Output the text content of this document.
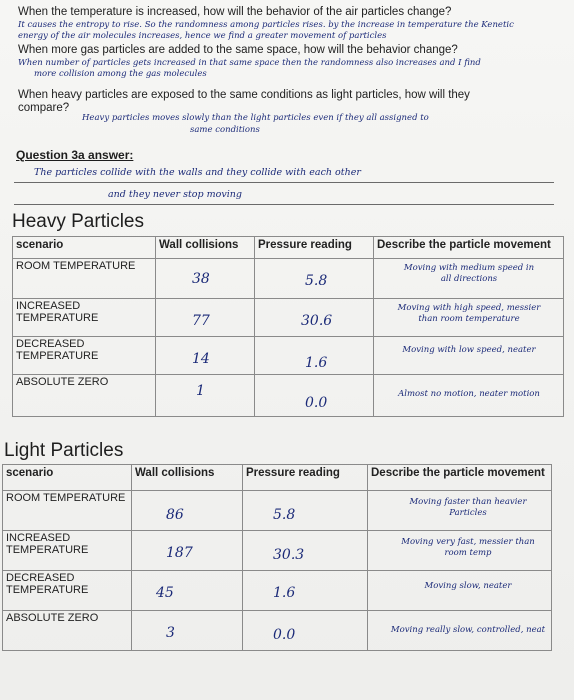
When the temperature is increased, how will the behavior of the air particles change?
It causes the entropy to rise. So the randomness among particles rises. by the increase in temperature the Kenetic
energy of the air molecules increases, hence we find a greater movement of particles
When more gas particles are added to the same space, how will the behavior change?
When number of particles gets increased in that same space then the randomness also increases and I find
more collision among the gas molecules
When heavy particles are exposed to the same conditions as light particles, how will they
compare?
Heavy particles moves slowly than the light particles even if they all assigned to
same conditions
Question 3a answer:
The particles collide with the walls and they collide with each other
and they never stop moving
Heavy Particles
scenario	Wall collisions	Pressure reading	Describe the particle movement

ROOM TEMPERATURE	38	5.8	Moving with medium speed in
all directions

INCREASED TEMPERATURE	77	30.6	Moving with high speed, messier
than room temperature

DECREASED TEMPERATURE	14	1.6	Moving with low speed, neater

ABSOLUTE ZERO	1	0.0	Almost no motion, neater motion
Light Particles
scenario	Wall collisions	Pressure reading	Describe the particle movement

ROOM TEMPERATURE	86	5.8	Moving faster than heavier
Particles

INCREASED TEMPERATURE	187	30.3	Moving very fast, messier than
room temp

DECREASED TEMPERATURE	45	1.6	Moving slow, neater

ABSOLUTE ZERO	3	0.0	Moving really slow, controlled, neat
